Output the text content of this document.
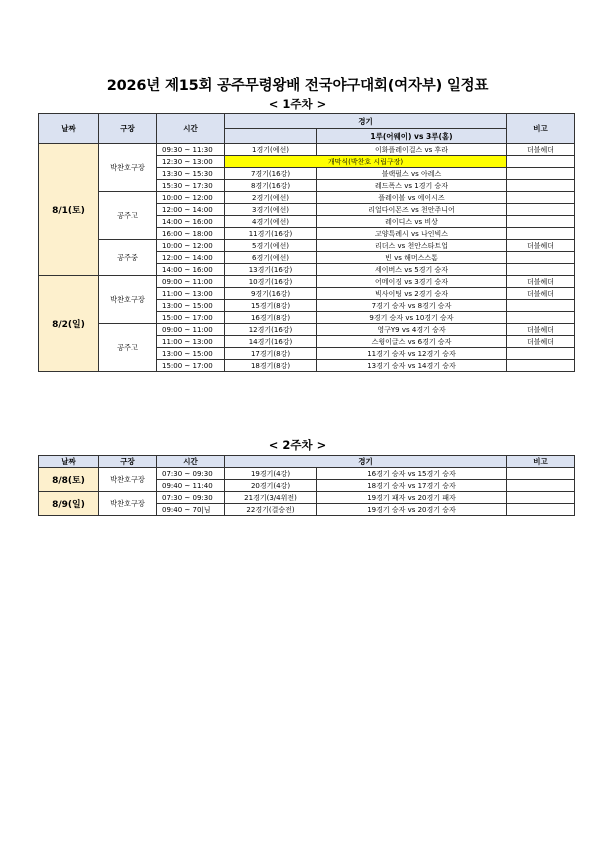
2026년 제15회 공주무령왕배 전국야구대회(여자부) 일정표
< 1주차 >
날짜	구장	시간	경기		비고
				1루(어웨이) vs 3루(홈)	
8/1(토)	박찬호구장	09:30 ~ 11:30	1경기(예선)	이화플레이걸스 vs 후라	더블헤더
		12:30 ~ 13:00	개막식(박찬호 시립구장)		
		13:30 ~ 15:30	7경기(16강)	블랙펄스 vs 아레스	
		15:30 ~ 17:30	8경기(16강)	레드폭스 vs 1경기 승자	
	공주고	10:00 ~ 12:00	2경기(예선)	플레이볼 vs 에이시즈	
		12:00 ~ 14:00	3경기(예선)	리얼다이몬즈 vs 천안주니어	
		14:00 ~ 16:00	4경기(예선)	레이디스 vs 비상	
		16:00 ~ 18:00	11경기(16강)	고양특례시 vs 나인빅스	
	공주중	10:00 ~ 12:00	5경기(예선)	리더스 vs 천안스타트업	더블헤더
		12:00 ~ 14:00	6경기(예선)	빈 vs 해머스스톰	
		14:00 ~ 16:00	13경기(16강)	세이버스 vs 5경기 승자	
8/2(일)	박찬호구장	09:00 ~ 11:00	10경기(16강)	어메이징 vs 3경기 승자	더블헤더
		11:00 ~ 13:00	9경기(16강)	빅사이팅 vs 2경기 승자	더블헤더
		13:00 ~ 15:00	15경기(8강)	7경기 승자 vs 8경기 승자	
		15:00 ~ 17:00	16경기(8강)	9경기 승자 vs 10경기 승자	
	공주고	09:00 ~ 11:00	12경기(16강)	영구Y9 vs 4경기 승자	더블헤더
		11:00 ~ 13:00	14경기(16강)	스윙이글스 vs 6경기 승자	더블헤더
		13:00 ~ 15:00	17경기(8강)	11경기 승자 vs 12경기 승자	
		15:00 ~ 17:00	18경기(8강)	13경기 승자 vs 14경기 승자	
< 2주차 >
날짜	구장	시간	경기		비고
8/8(토)	박찬호구장	07:30 ~ 09:30	19경기(4강)	16경기 승자 vs 15경기 승자	
		09:40 ~ 11:40	20경기(4강)	18경기 승자 vs 17경기 승자	
8/9(일)	박찬호구장	07:30 ~ 09:30	21경기(3/4위전)	19경기 패자 vs 20경기 패자	
		09:40 ~ 70|님	22경기(결승전)	19경기 승자 vs 20경기 승자	
